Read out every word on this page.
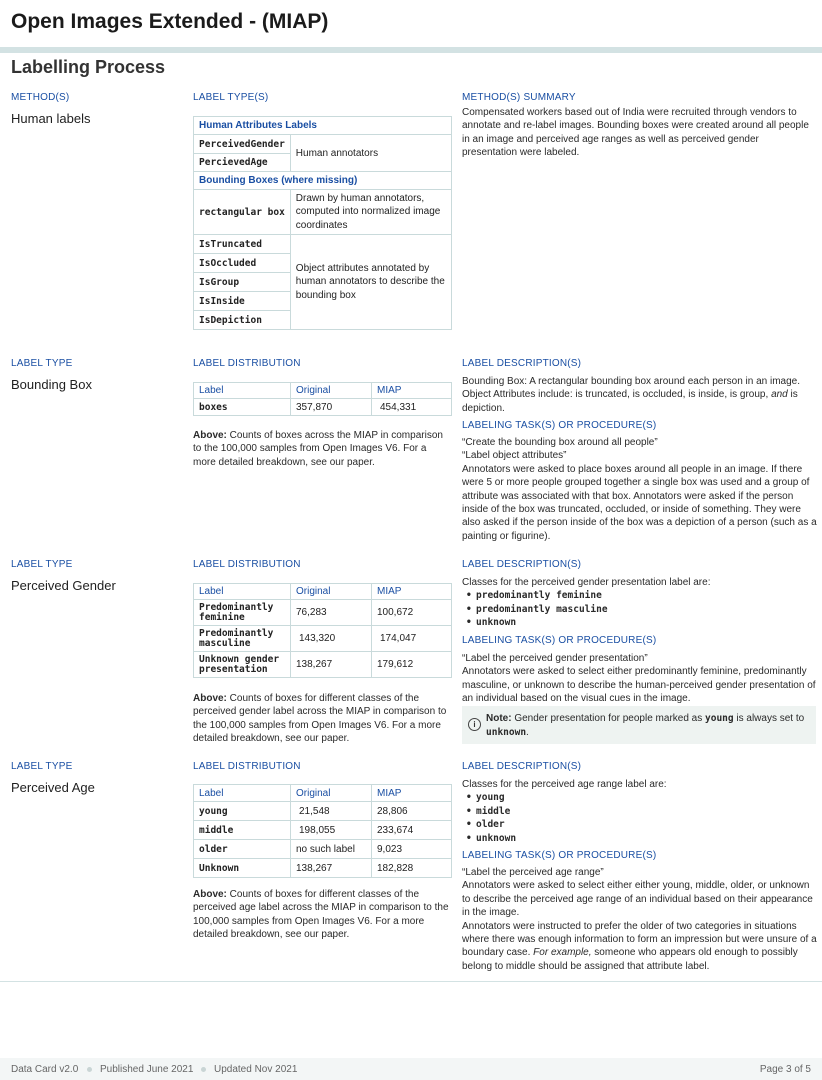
Open Images Extended - (MIAP)
Labelling Process
METHOD(S)
Human labels
LABEL TYPE(S)
Human Attributes Labels	
PerceivedGender	Human annotators
PercievedAge	
Bounding Boxes (where missing)	
rectangular box	Drawn by human annotators, computed into normalized image coordinates
IsTruncated	Object attributes annotated by human annotators to describe the bounding box
IsOccluded	
IsGroup	
IsInside	
IsDepiction	
METHOD(S) SUMMARY
Compensated workers based out of India were recruited through vendors to annotate and re-label images. Bounding boxes were created around all people in an image and perceived age ranges as well as perceived gender presentation were labeled.
LABEL TYPE
Bounding Box
LABEL DISTRIBUTION
Label	Original	MIAP
boxes	357,870	454,331
Above: Counts of boxes across the MIAP in comparison to the 100,000 samples from Open Images V6. For a more detailed breakdown, see our paper.
LABEL DESCRIPTION(S)
Bounding Box: A rectangular bounding box around each person in an image. Object Attributes include: is truncated, is occluded, is inside, is group, and is depiction.
LABELING TASK(S) OR PROCEDURE(S)
“Create the bounding box around all people”
“Label object attributes”
Annotators were asked to place boxes around all people in an image. If there were 5 or more people grouped together a single box was used and a group of attribute was associated with that box. Annotators were asked if the person inside of the box was truncated, occluded, or inside of something. They were also asked if the person inside of the box was a depiction of a person (such as a painting or figurine).
LABEL TYPE
Perceived Gender
LABEL DISTRIBUTION
Label	Original	MIAP
Predominantly feminine	76,283	100,672
Predominantly masculine	143,320	174,047
Unknown gender presentation	138,267	179,612
Above: Counts of boxes for different classes of the perceived gender label across the MIAP in comparison to the 100,000 samples from Open Images V6. For a more detailed breakdown, see our paper.
LABEL DESCRIPTION(S)
Classes for the perceived gender presentation label are:
• predominantly feminine
• predominantly masculine
• unknown
LABELING TASK(S) OR PROCEDURE(S)
“Label the perceived gender presentation”
Annotators were asked to select either predominantly feminine, predominantly masculine, or unknown to describe the human-perceived gender presentation of an individual based on the visual cues in the image.
i
Note: Gender presentation for people marked as young is always set to unknown.
LABEL TYPE
Perceived Age
LABEL DISTRIBUTION
Label	Original	MIAP
young	21,548	28,806
middle	198,055	233,674
older	no such label	9,023
Unknown	138,267	182,828
Above: Counts of boxes for different classes of the perceived age label across the MIAP in comparison to the 100,000 samples from Open Images V6. For a more detailed breakdown, see our paper.
LABEL DESCRIPTION(S)
Classes for the perceived age range label are:
• young
• middle
• older
• unknown
LABELING TASK(S) OR PROCEDURE(S)
“Label the perceived age range”
Annotators were asked to select either either young, middle, older, or unknown to describe the perceived age range of an individual based on their appearance in the image.
Annotators were instructed to prefer the older of two categories in situations where there was enough information to form an impression but were unsure of a boundary case. For example, someone who appears old enough to possibly belong to middle should be assigned that attribute label.
Data Card v2.0 Published June 2021 Updated Nov 2021	Page 3 of 5
